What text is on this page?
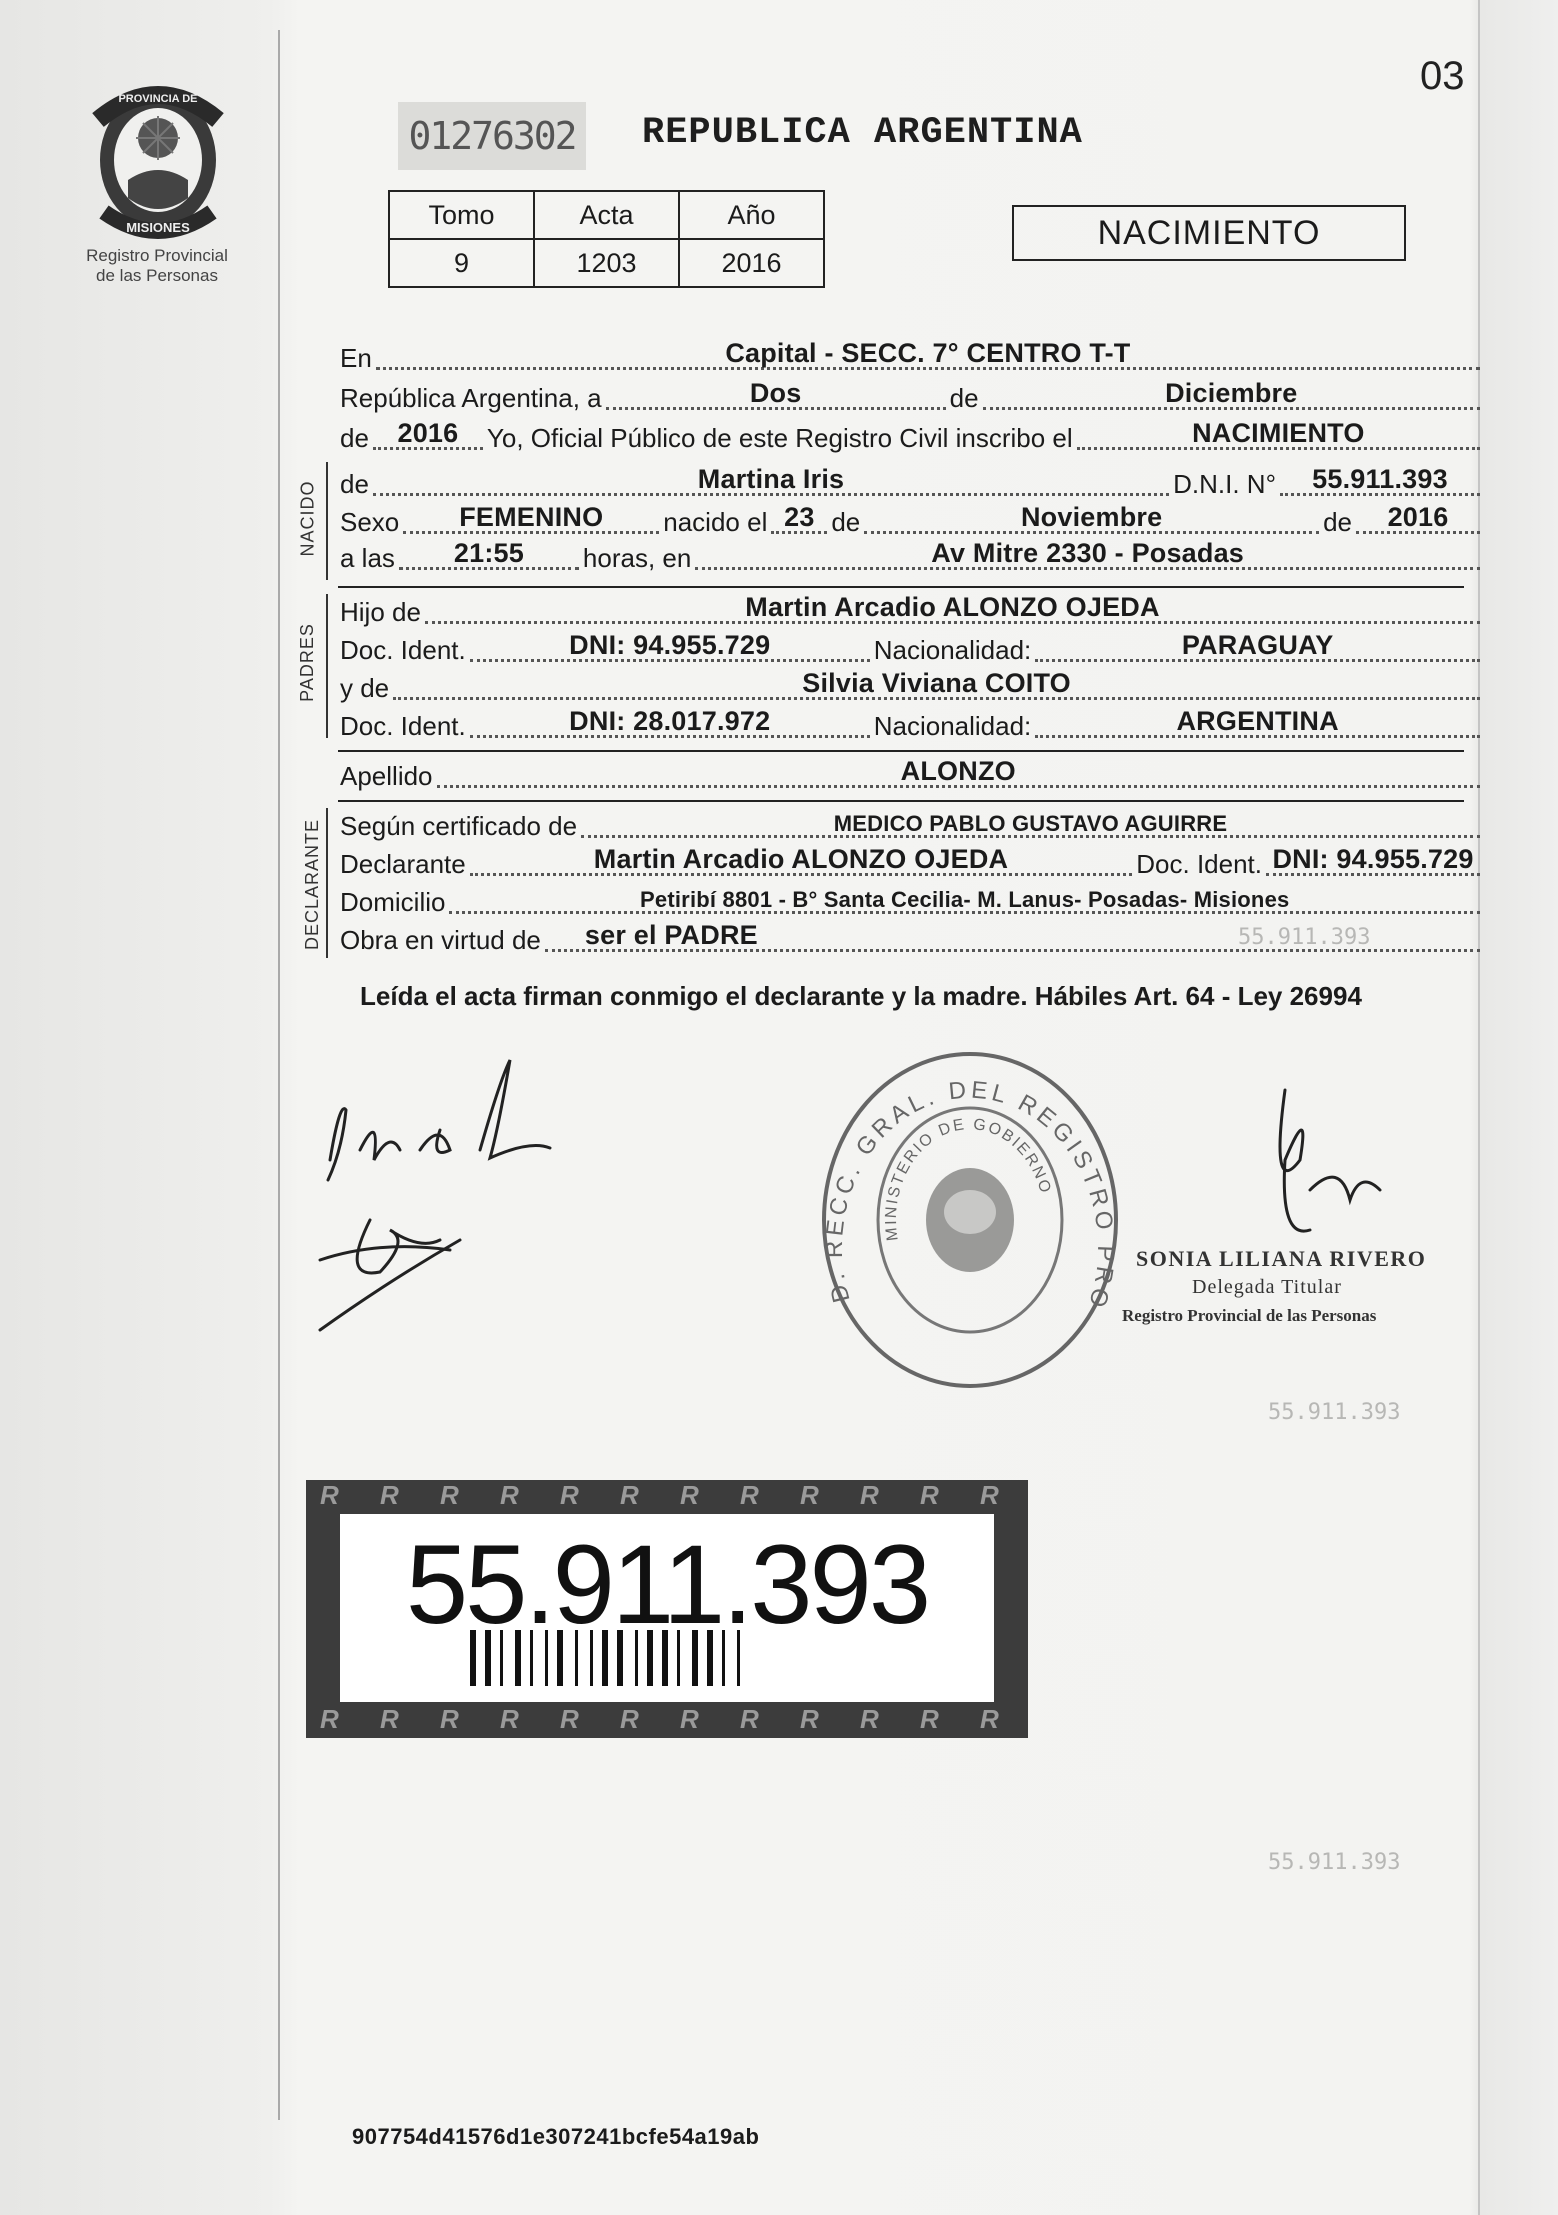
PROVINCIA DE
MISIONES
Registro Provincial
de las Personas
03
01276302 REPUBLICA ARGENTINA
Tomo	Acta	Año
9	1203	2016
NACIMIENTO
En	Capital - SECC. 7° CENTRO T-T
República Argentina, a	Dos	de	Diciembre
de	2016	Yo, Oficial Público de este Registro Civil inscribo el	NACIMIENTO
NACIDO de	Martina Iris	D.N.I. N°	55.911.393
Sexo	FEMENINO	nacido el 23 de	Noviembre	de	2016
a las	21:55	horas, en	Av Mitre 2330 - Posadas
PADRES
Hijo de	Martin Arcadio ALONZO OJEDA
Doc. Ident.	DNI: 94.955.729	Nacionalidad:	PARAGUAY
y de	Silvia Viviana COITO
Doc. Ident.	DNI: 28.017.972	Nacionalidad:	ARGENTINA
Apellido	ALONZO
DECLARANTE Según certificado de	MEDICO PABLO GUSTAVO AGUIRRE
Declarante	Martin Arcadio ALONZO OJEDA	Doc. Ident. DNI: 94.955.729
Domicilio	Petiribí 8801 - B° Santa Cecilia- M. Lanus- Posadas- Misiones
Obra en virtud de	ser el PADRE
Leída el acta firman conmigo el declarante y la madre. Hábiles Art. 64 - Ley 26994
D. RECC. GRAL. DEL REGISTRO PRO
MINISTERIO DE GOBIERNO
SONIA LILIANA RIVERO
Delegada Titular
Registro Provincial de las Personas
55.911.393
55.911.393
55.911.393
R
R
R
R
R
R
R
R
R
R
R
R
R
R
R
R
R
R
R
R
R
R
R
R
55.911.393
907754d41576d1e307241bcfe54a19ab
